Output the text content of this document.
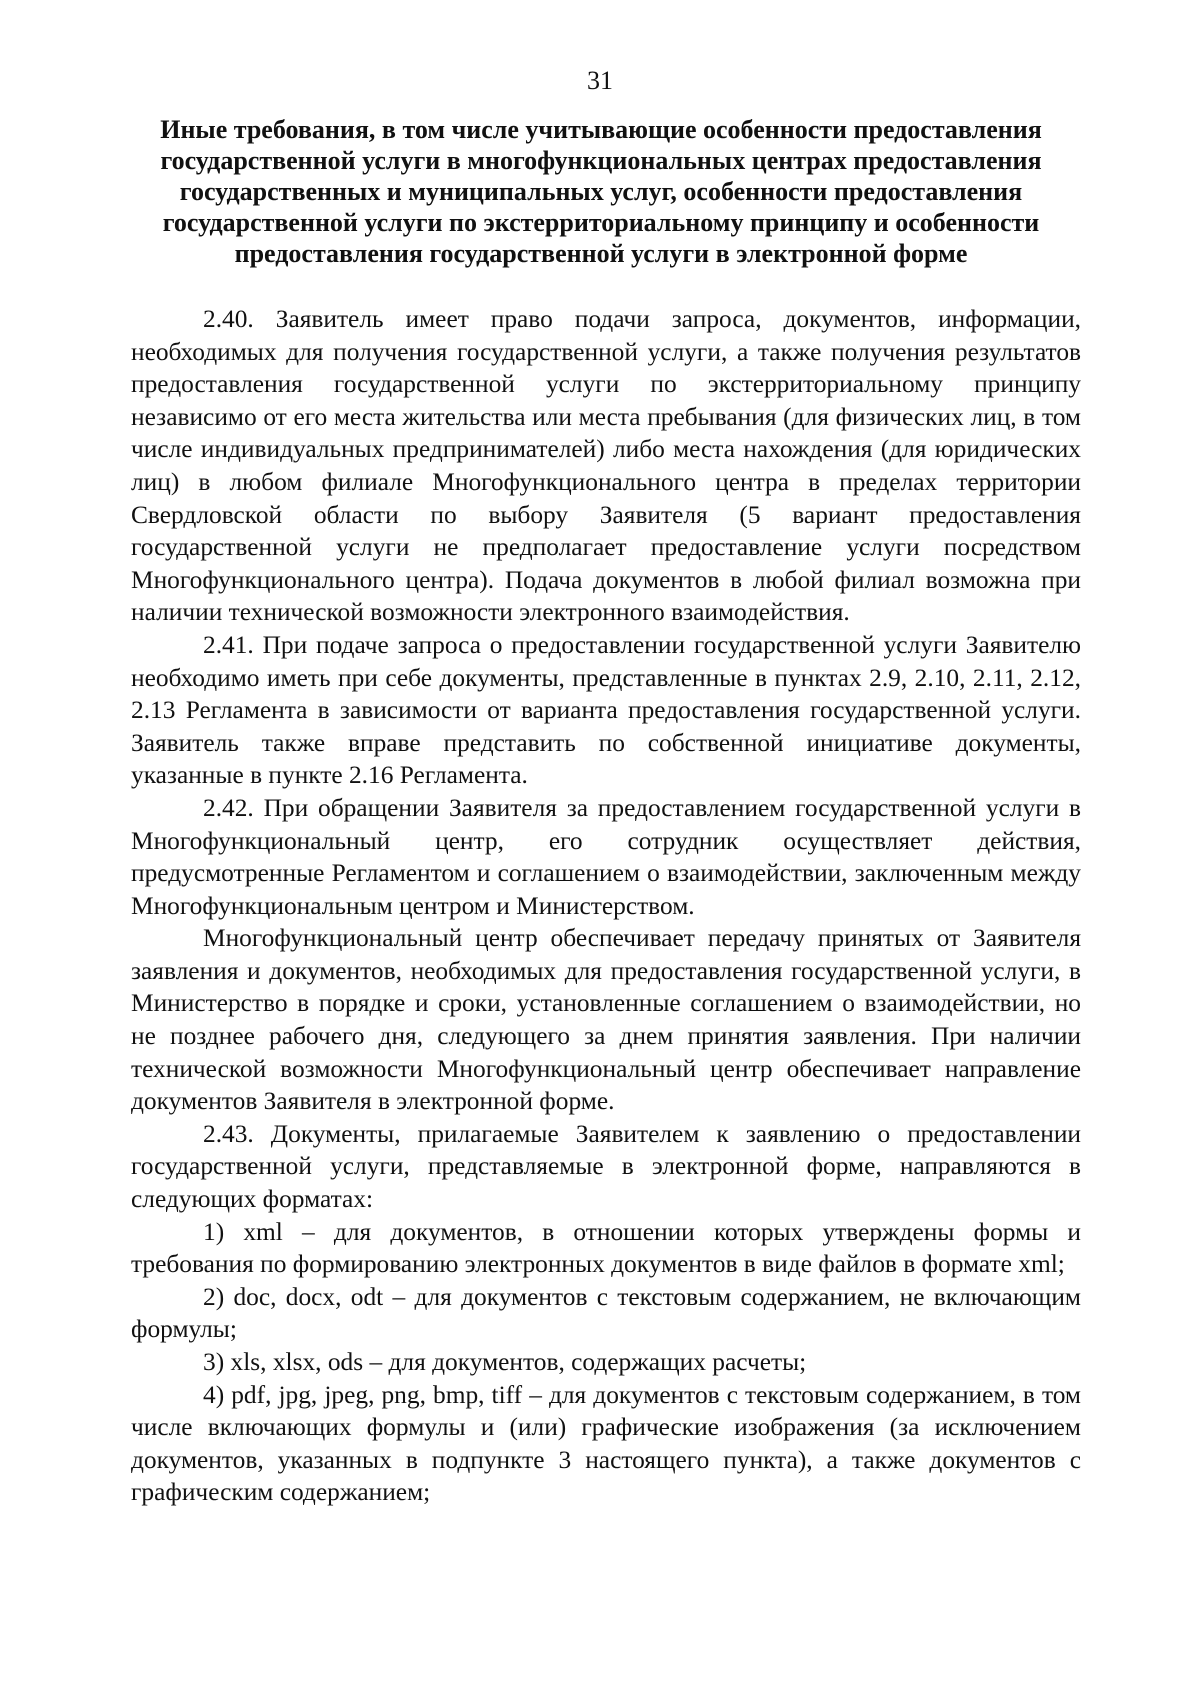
31
Иные требования, в том числе учитывающие особенности предоставления
государственной услуги в многофункциональных центрах предоставления
государственных и муниципальных услуг, особенности предоставления
государственной услуги по экстерриториальному принципу и особенности
предоставления государственной услуги в электронной форме

2.40. Заявитель имеет право подачи запроса, документов, информации, необходимых для получения государственной услуги, а также получения результатов предоставления государственной услуги по экстерриториальному принципу независимо от его места жительства или места пребывания (для физических лиц, в том числе индивидуальных предпринимателей) либо места нахождения (для юридических лиц) в любом филиале Многофункционального центра в пределах территории Свердловской области по выбору Заявителя (5 вариант предоставления государственной услуги не предполагает предоставление услуги посредством Многофункционального центра). Подача документов в любой филиал возможна при наличии технической возможности электронного взаимодействия.

2.41. При подаче запроса о предоставлении государственной услуги Заявителю необходимо иметь при себе документы, представленные в пунктах 2.9, 2.10, 2.11, 2.12, 2.13 Регламента в зависимости от варианта предоставления государственной услуги. Заявитель также вправе представить по собственной инициативе документы, указанные в пункте 2.16 Регламента.

2.42. При обращении Заявителя за предоставлением государственной услуги в Многофункциональный центр, его сотрудник осуществляет действия, предусмотренные Регламентом и соглашением о взаимодействии, заключенным между Многофункциональным центром и Министерством.

Многофункциональный центр обеспечивает передачу принятых от Заявителя заявления и документов, необходимых для предоставления государственной услуги, в Министерство в порядке и сроки, установленные соглашением о взаимодействии, но не позднее рабочего дня, следующего за днем принятия заявления. При наличии технической возможности Многофункциональный центр обеспечивает направление документов Заявителя в электронной форме.

2.43. Документы, прилагаемые Заявителем к заявлению о предоставлении государственной услуги, представляемые в электронной форме, направляются в следующих форматах:

1) xml – для документов, в отношении которых утверждены формы и требования по формированию электронных документов в виде файлов в формате xml;

2) doc, docx, odt – для документов с текстовым содержанием, не включающим формулы;

3) xls, xlsx, ods – для документов, содержащих расчеты;

4) pdf, jpg, jpeg, png, bmp, tiff – для документов с текстовым содержанием, в том числе включающих формулы и (или) графические изображения (за исключением документов, указанных в подпункте 3 настоящего пункта), а также документов с графическим содержанием;
